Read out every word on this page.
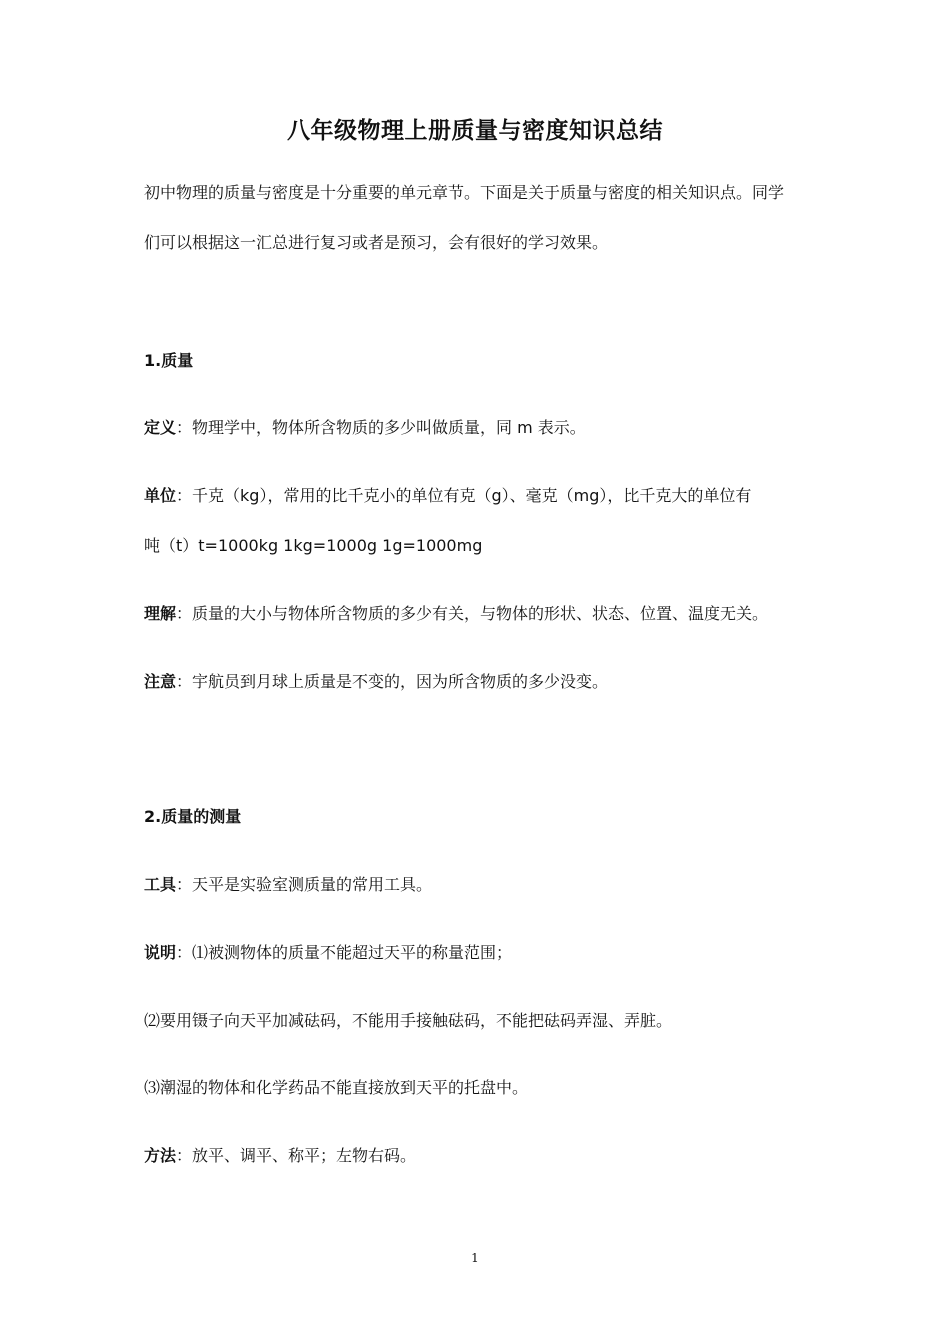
八年级物理上册质量与密度知识总结

初中物理的质量与密度是十分重要的单元章节。下面是关于质量与密度的相关知识点。同学

们可以根据这一汇总进行复习或者是预习，会有很好的学习效果。

1.质量

定义：物理学中，物体所含物质的多少叫做质量，同 m 表示。

单位：千克（kg），常用的比千克小的单位有克（g）、毫克（mg），比千克大的单位有

吨（t）t=1000kg 1kg=1000g 1g=1000mg

理解：质量的大小与物体所含物质的多少有关，与物体的形状、状态、位置、温度无关。

注意：宇航员到月球上质量是不变的，因为所含物质的多少没变。

2.质量的测量

工具：天平是实验室测质量的常用工具。

说明：⑴被测物体的质量不能超过天平的称量范围；

⑵要用镊子向天平加减砝码，不能用手接触砝码，不能把砝码弄湿、弄脏。

⑶潮湿的物体和化学药品不能直接放到天平的托盘中。

方法：放平、调平、称平；左物右码。

1
